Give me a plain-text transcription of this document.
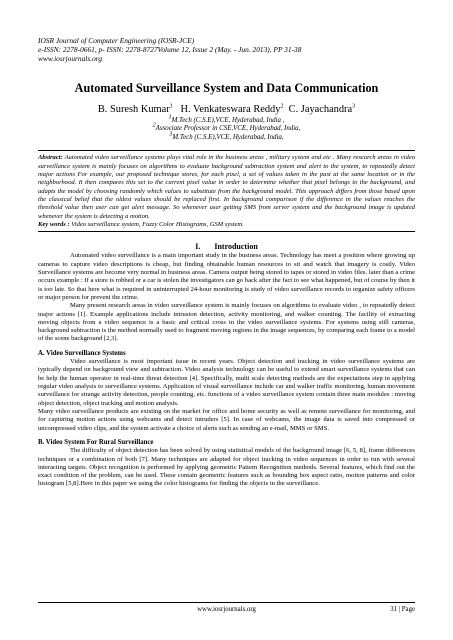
IOSR Journal of Computer Engineering (IOSR-JCE)
e-ISSN: 2278-0661, p- ISSN: 2278-8727Volume 12, Issue 2 (May. - Jun. 2013), PP 31-38
www.iosrjournals.org
Automated Surveillance System and Data Communication
B. Suresh Kumar$^1$ H. Venkateswara Reddy$^2$ C. Jayachandra$^3$
$^1$M.Tech (C.S.E),VCE, Hyderabad, India ,
$^2$Associate Professor in CSE,VCE, Hyderabad, India,
$^3$M.Tech (C.S.E),VCE, Hyderabad, India,
Abstract: Automated video surveillance systems plays vital role in the business areas , military system and etc . Many research areas in video surveillance system is mainly focuses on algorithms to evaluate background subtraction system and alert to the system, to repeatedly detect major actions For example, our proposed technique stores, for each pixel, a set of values taken in the past at the same location or in the neighborhood. It then compares this set to the current pixel value in order to determine whether that pixel belongs to the background, and adapts the model by choosing randomly which values to substitute from the background model. This approach differs from those based upon the classical belief that the oldest values should be replaced first. In background comparison if the difference in the values reaches the threshold value then user can get alert message. So whenever user getting SMS from server system and the background image is updated whenever the system is detecting a motion.
Key words : Video surveillance system, Fuzzy Color Histograms, GSM system.
I. Introduction

Automated video surveillance is a main important study in the business areas. Technology has meet a position where growing up cameras to capture video descriptions is cheap, but finding obtainable human resources to sit and watch that imagery is costly. Video Surveillance systems are become very normal in business areas. Camera output being stored to tapes or stored in video files. later than a crime occurs example : If a store is robbed or a car is stolen the investigators can go back after the fact to see what happened, but of course by then it is too late. So that here what is required in uninterrupted 24-hour monitoring is study of video surveillance records to organize safety officers or major person for prevent the crime.

Many present research areas in video surveillance system is mainly focuses on algorithms to evaluate video , to repeatedly detect major actions [1]. Example applications include intrusion detection, activity monitoring, and walker counting. The facility of extracting moving objects from a video sequence is a basic and critical cross in the video surveillance systems. For systems using still cameras, background subtraction is the method normally used to fragment moving regions in the image sequences, by comparing each frame to a model of the scene background [2,3].

A. Video Surveillance Systems

Video surveillance is most important issue in recent years. Object detection and tracking in video surveillance systems are typically depend on background view and subtraction. Video analysis technology can be useful to extend smart surveillance systems that can be help the human operator in real-time threat detection [4]. Specifically, multi scale detecting methods are the expectations step in applying regular video analysis to surveillance systems. Application of visual surveillance include car and walker traffic monitoring, human movement surveillance for strange activity detection, people counting, etc. functions of a video surveillance system contain three main modules : moving object detection, object tracking and motion analysis.

Many video surveillance products are existing on the market for office and home security as well as remote surveillance for monitoring, and for capturing motion actions using webcams and detect intruders [5]. In case of webcams, the image data is saved into compressed or uncompressed video clips, and the system activate a choice of alerts such as sending an e-mail, MMS or SMS.

B. Video System For Rural Surveillance

The difficulty of object detection has been solved by using statistical models of the background image [6, 5, 8], frame differences techniques or a combination of both [7]. Many techniques are adapted for object tracking in video sequences in order to run with several interacting targets. Object recognition is performed by applying geometric Pattern Recognition methods. Several features, which find out the exact condition of the problem, can be used. These contain geometric features such as bounding box aspect ratio, motion patterns and color histogram [5,8].Here in this paper we using the color histograms for finding the objects in the surveillance.

www.iosrjournals.org	31 | Page
